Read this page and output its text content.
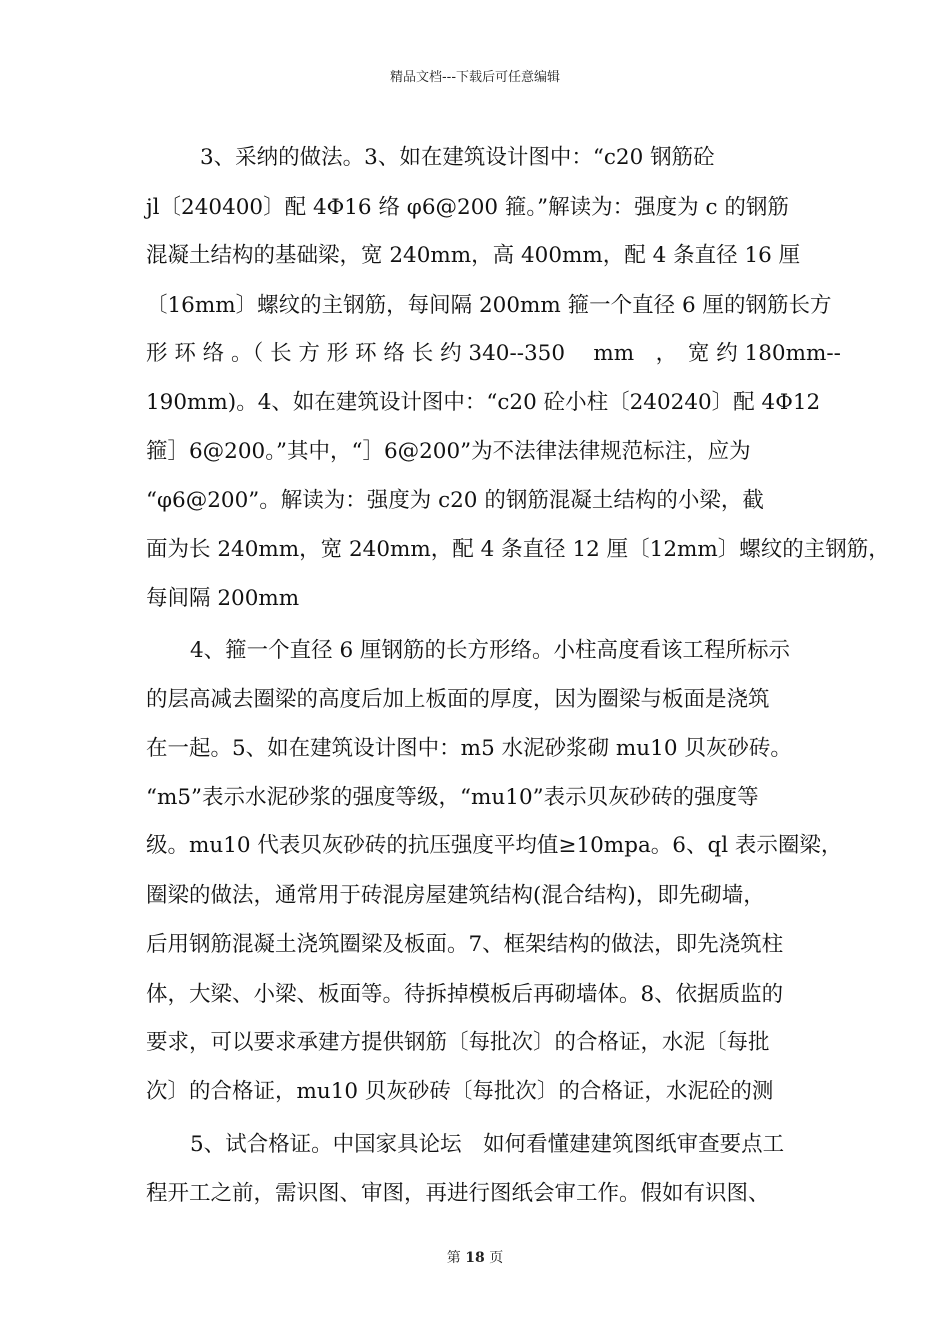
精品文档---下载后可任意编辑
3、采纳的做法。3、如在建筑设计图中：“c20 钢筋砼
jl〔240400〕配 4Φ16 络 φ6@200 箍。”解读为：强度为 c 的钢筋
混凝土结构的基础梁，宽 240mm，高 400mm，配 4 条直径 16 厘
〔16mm〕螺纹的主钢筋，每间隔 200mm 箍一个直径 6 厘的钢筋长方
形 环 络 。（ 长 方 形 环 络 长 约 340--350　 mm　，　宽 约 180mm--
190mm)。4、如在建筑设计图中：“c20 砼小柱〔240240〕配 4Φ12
箍］6@200。”其中，“］6@200”为不法律法律规范标注，应为
“φ6@200”。解读为：强度为 c20 的钢筋混凝土结构的小梁，截
面为长 240mm，宽 240mm，配 4 条直径 12 厘〔12mm〕螺纹的主钢筋，
每间隔 200mm
4、箍一个直径 6 厘钢筋的长方形络。小柱高度看该工程所标示
的层高减去圈梁的高度后加上板面的厚度，因为圈梁与板面是浇筑
在一起。5、如在建筑设计图中：m5 水泥砂浆砌 mu10 贝灰砂砖。
“m5”表示水泥砂浆的强度等级，“mu10”表示贝灰砂砖的强度等
级。mu10 代表贝灰砂砖的抗压强度平均值≥10mpa。6、ql 表示圈梁，
圈梁的做法，通常用于砖混房屋建筑结构(混合结构)，即先砌墙，
后用钢筋混凝土浇筑圈梁及板面。7、框架结构的做法，即先浇筑柱
体，大梁、小梁、板面等。待拆掉模板后再砌墙体。8、依据质监的
要求，可以要求承建方提供钢筋〔每批次〕的合格证，水泥〔每批
次〕的合格证，mu10 贝灰砂砖〔每批次〕的合格证，水泥砼的测
5、试合格证。中国家具论坛　如何看懂建建筑图纸审查要点工
程开工之前，需识图、审图，再进行图纸会审工作。假如有识图、
第 18 页
